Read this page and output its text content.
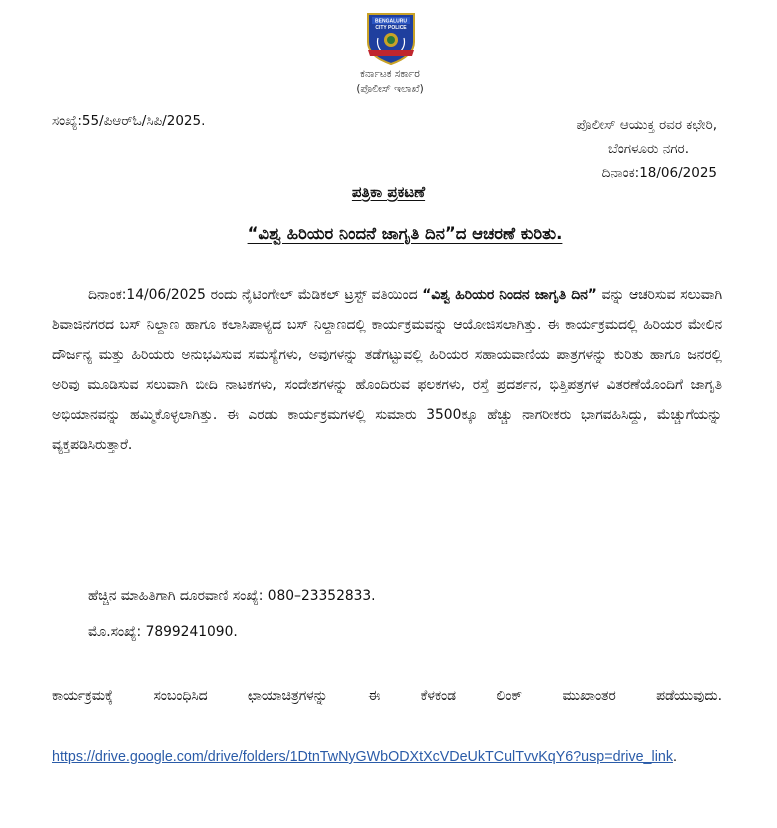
BENGALURU
CITY POLICE
ಕರ್ನಾಟಕ ಸರ್ಕಾರ
(ಪೊಲೀಸ್ ಇಲಾಖೆ)
ಸಂಖ್ಯೆ:55/ಪಿಆರ್‌ಓ/ಸಿಪಿ/2025.	ಪೊಲೀಸ್ ಆಯುಕ್ತ ರವರ ಕಛೇರಿ,
ಬೆಂಗಳೂರು ನಗರ.
ದಿನಾಂಕ:18/06/2025
ಪತ್ರಿಕಾ ಪ್ರಕಟಣೆ
“ವಿಶ್ವ ಹಿರಿಯರ ನಿಂದನೆ ಜಾಗೃತಿ ದಿನ”ದ ಆಚರಣೆ ಕುರಿತು.
ದಿನಾಂಕ:14/06/2025 ರಂದು ನೈಟಿಂಗೇಲ್ ಮೆಡಿಕಲ್ ಟ್ರಸ್ಟ್ ವತಿಯಿಂದ “ವಿಶ್ವ ಹಿರಿಯರ ನಿಂದನ ಜಾಗೃತಿ ದಿನ” ವನ್ನು ಆಚರಿಸುವ ಸಲುವಾಗಿ ಶಿವಾಜಿನಗರದ ಬಸ್ ನಿಲ್ದಾಣ ಹಾಗೂ ಕಲಾಸಿಪಾಳ್ಯದ ಬಸ್ ನಿಲ್ದಾಣದಲ್ಲಿ ಕಾರ್ಯಕ್ರಮವನ್ನು ಆಯೋಜಿಸಲಾಗಿತ್ತು. ಈ ಕಾರ್ಯಕ್ರಮದಲ್ಲಿ ಹಿರಿಯರ ಮೇಲಿನ ದೌರ್ಜನ್ಯ ಮತ್ತು ಹಿರಿಯರು ಅನುಭವಿಸುವ ಸಮಸ್ಯೆಗಳು, ಅವುಗಳನ್ನು ತಡೆಗಟ್ಟುವಲ್ಲಿ ಹಿರಿಯರ ಸಹಾಯವಾಣಿಯ ಪಾತ್ರಗಳನ್ನು ಕುರಿತು ಹಾಗೂ ಜನರಲ್ಲಿ ಅರಿವು ಮೂಡಿಸುವ ಸಲುವಾಗಿ ಬೀದಿ ನಾಟಕಗಳು, ಸಂದೇಶಗಳನ್ನು ಹೊಂದಿರುವ ಫಲಕಗಳು, ರಸ್ತೆ ಪ್ರದರ್ಶನ, ಭಿತ್ತಿಪತ್ರಗಳ ವಿತರಣೆಯೊಂದಿಗೆ ಜಾಗೃತಿ ಅಭಿಯಾನವನ್ನು ಹಮ್ಮಿಕೊಳ್ಳಲಾಗಿತ್ತು. ಈ ಎರಡು ಕಾರ್ಯಕ್ರಮಗಳಲ್ಲಿ ಸುಮಾರು 3500ಕ್ಕೂ ಹೆಚ್ಚು ನಾಗರೀಕರು ಭಾಗವಹಿಸಿದ್ದು, ಮೆಚ್ಚುಗೆಯನ್ನು ವ್ಯಕ್ತಪಡಿಸಿರುತ್ತಾರೆ.
ಹೆಚ್ಚಿನ ಮಾಹಿತಿಗಾಗಿ ದೂರವಾಣಿ ಸಂಖ್ಯೆ: 080–23352833.
ಮೊ.ಸಂಖ್ಯೆ: 7899241090.
ಕಾರ್ಯಕ್ರಮಕ್ಕೆ ಸಂಬಂಧಿಸಿದ ಛಾಯಾಚಿತ್ರಗಳನ್ನು ಈ ಕೆಳಕಂಡ ಲಿಂಕ್ ಮುಖಾಂತರ ಪಡೆಯುವುದು.
https://drive.google.com/drive/folders/1DtnTwNyGWbODXtXcVDeUkTCulTvvKqY6?usp=drive_link.
